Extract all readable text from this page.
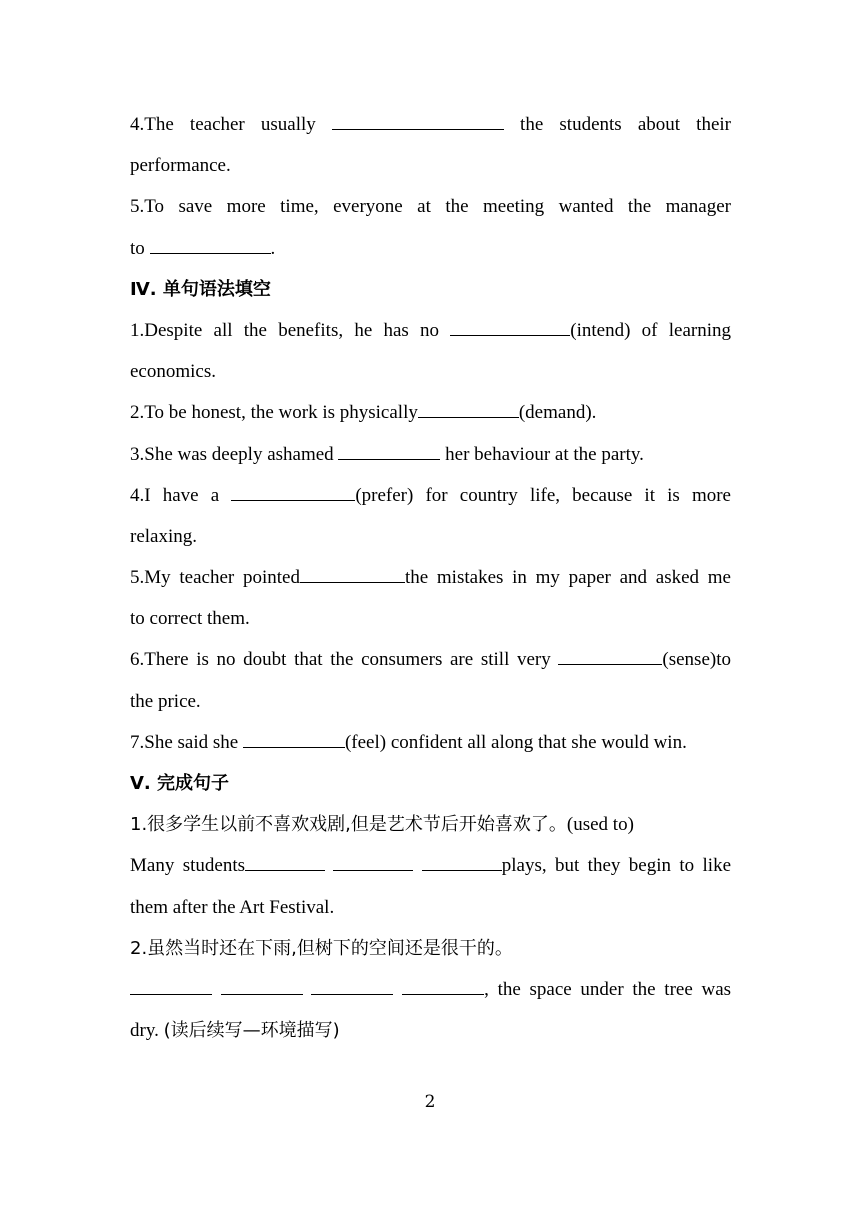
4.The teacher usually	the students about their
performance.
5.To save more time, everyone at the meeting wanted the manager
to	.
Ⅳ. 单句语法填空
1.Despite all the benefits, he has no	(intend) of learning
economics.
2.To be honest, the work is physically	(demand).
3.She was deeply ashamed	her behaviour at the party.
4.I have a	(prefer) for country life, because it is more
relaxing.
5.My teacher pointed	the mistakes in my paper and asked me
to correct them.
6.There is no doubt that the consumers are still very	(sense)to
the price.
7.She said she	(feel) confident all along that she would win.
Ⅴ. 完成句子
1.很多学生以前不喜欢戏剧,但是艺术节后开始喜欢了。(used to)
Many students	plays, but they begin to like
them after the Art Festival.
2.虽然当时还在下雨,但树下的空间还是很干的。
, the space under the tree was
dry. (读后续写—环境描写)
2
